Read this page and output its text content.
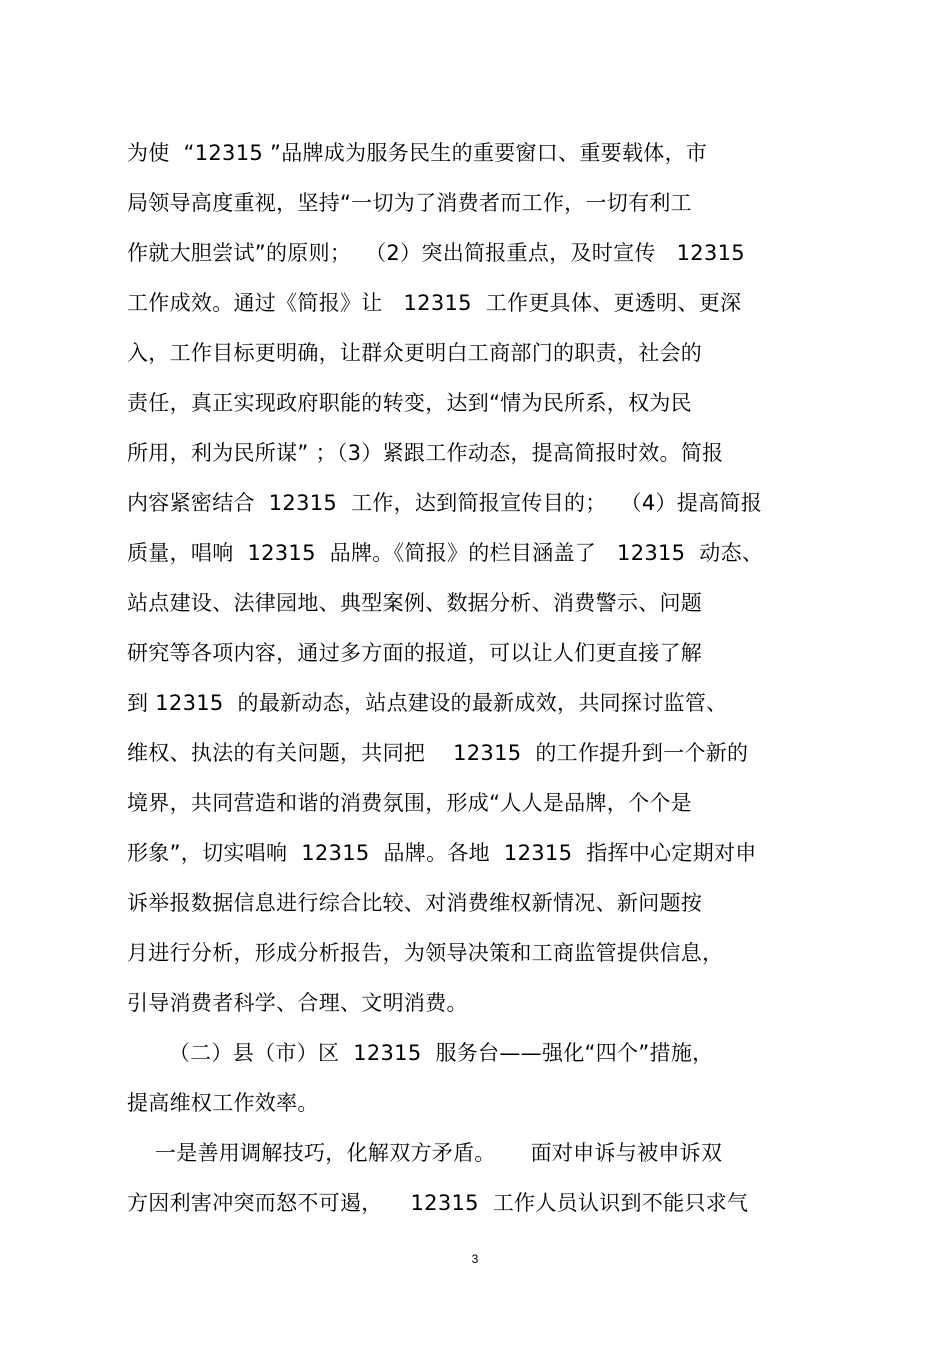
为使  “12315 ”品牌成为服务民生的重要窗口、重要载体，市
局领导高度重视，坚持“一切为了消费者而工作，一切有利工
作就大胆尝试”的原则；  （2）突出简报重点，及时宣传   12315
工作成效。通过《简报》让   12315  工作更具体、更透明、更深
入，工作目标更明确，让群众更明白工商部门的职责，社会的
责任，真正实现政府职能的转变，达到“情为民所系，权为民
所用，利为民所谋” ；（3）紧跟工作动态，提高简报时效。简报
内容紧密结合  12315  工作，达到简报宣传目的；  （4）提高简报
质量，唱响  12315  品牌。《简报》的栏目涵盖了   12315  动态、
站点建设、法律园地、典型案例、数据分析、消费警示、问题
研究等各项内容，通过多方面的报道，可以让人们更直接了解
到 12315  的最新动态，站点建设的最新成效，共同探讨监管、
维权、执法的有关问题，共同把    12315  的工作提升到一个新的
境界，共同营造和谐的消费氛围，形成“人人是品牌，个个是
形象”，切实唱响  12315  品牌。各地  12315  指挥中心定期对申
诉举报数据信息进行综合比较、对消费维权新情况、新问题按
月进行分析，形成分析报告，为领导决策和工商监管提供信息，
引导消费者科学、合理、文明消费。
（二）县（市）区  12315  服务台——强化“四个”措施，
提高维权工作效率。
一是善用调解技巧，化解双方矛盾。     面对申诉与被申诉双
方因利害冲突而怒不可遏，    12315  工作人员认识到不能只求气
3
